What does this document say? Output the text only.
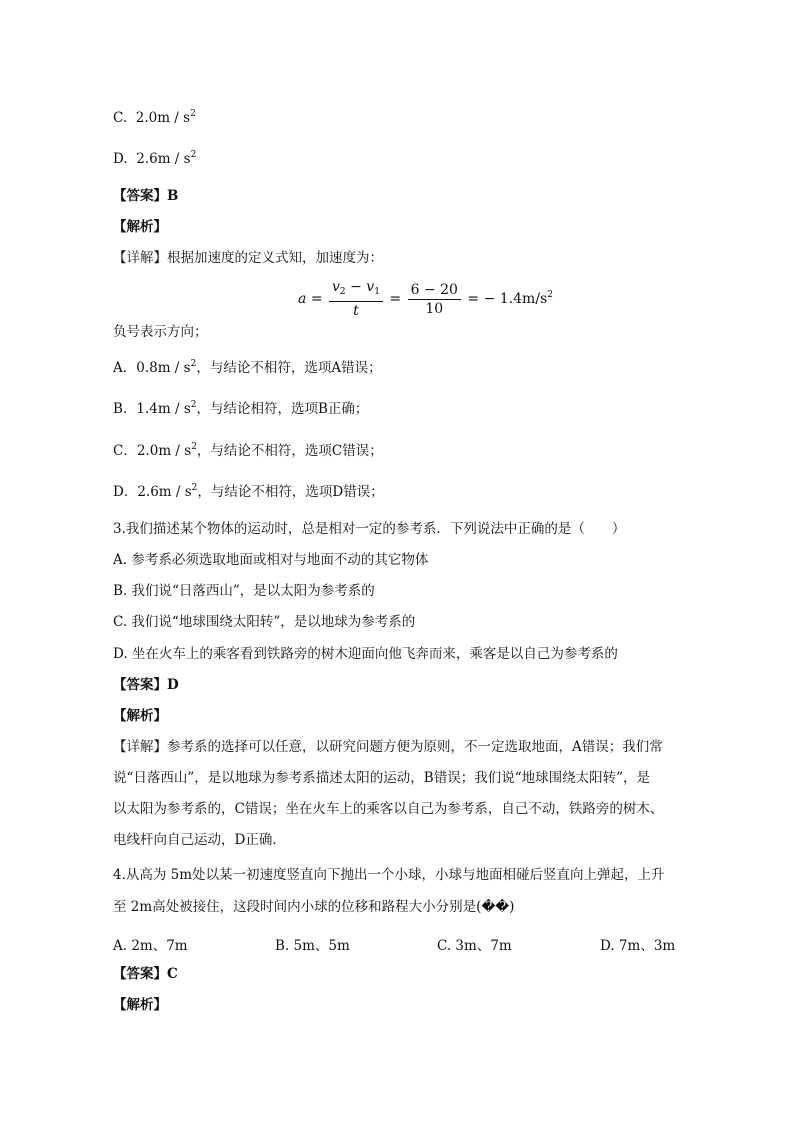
C. $2.0m / s^2$
D. $2.6m / s^2$
【答案】B
【解析】
【详解】根据加速度的定义式知，加速度为：
$a = \frac{v_2 - v_1}{t} = \frac{6 - 20}{10}$ = − $1.4m/s^2$
负号表示方向；
A．$0.8m / s^2$，与结论不相符，选项A错误；
B．$1.4m / s^2$，与结论相符，选项B正确；
C．$2.0m / s^2$，与结论不相符，选项C错误；
D．$2.6m / s^2$，与结论不相符，选项D错误；
3.我们描述某个物体的运动时，总是相对一定的参考系．下列说法中正确的是（　　）
A. 参考系必须选取地面或相对与地面不动的其它物体
B. 我们说“日落西山”，是以太阳为参考系的
C. 我们说“地球围绕太阳转”，是以地球为参考系的
D. 坐在火车上的乘客看到铁路旁的树木迎面向他飞奔而来，乘客是以自己为参考系的
【答案】D
【解析】
【详解】参考系的选择可以任意，以研究问题方便为原则，不一定选取地面，A错误；我们常
说“日落西山”，是以地球为参考系描述太阳的运动，B错误；我们说“地球围绕太阳转”，是
以太阳为参考系的，C错误；坐在火车上的乘客以自己为参考系，自己不动，铁路旁的树木、
电线杆向自己运动，D正确．
4.从高为 5m处以某一初速度竖直向下抛出一个小球，小球与地面相碰后竖直向上弹起，上升
至 2m高处被接住，这段时间内小球的位移和路程大小分别是(��)
A. 2m、7m	B. 5m、5m	C. 3m、7m	D. 7m、3m
【答案】C
【解析】
